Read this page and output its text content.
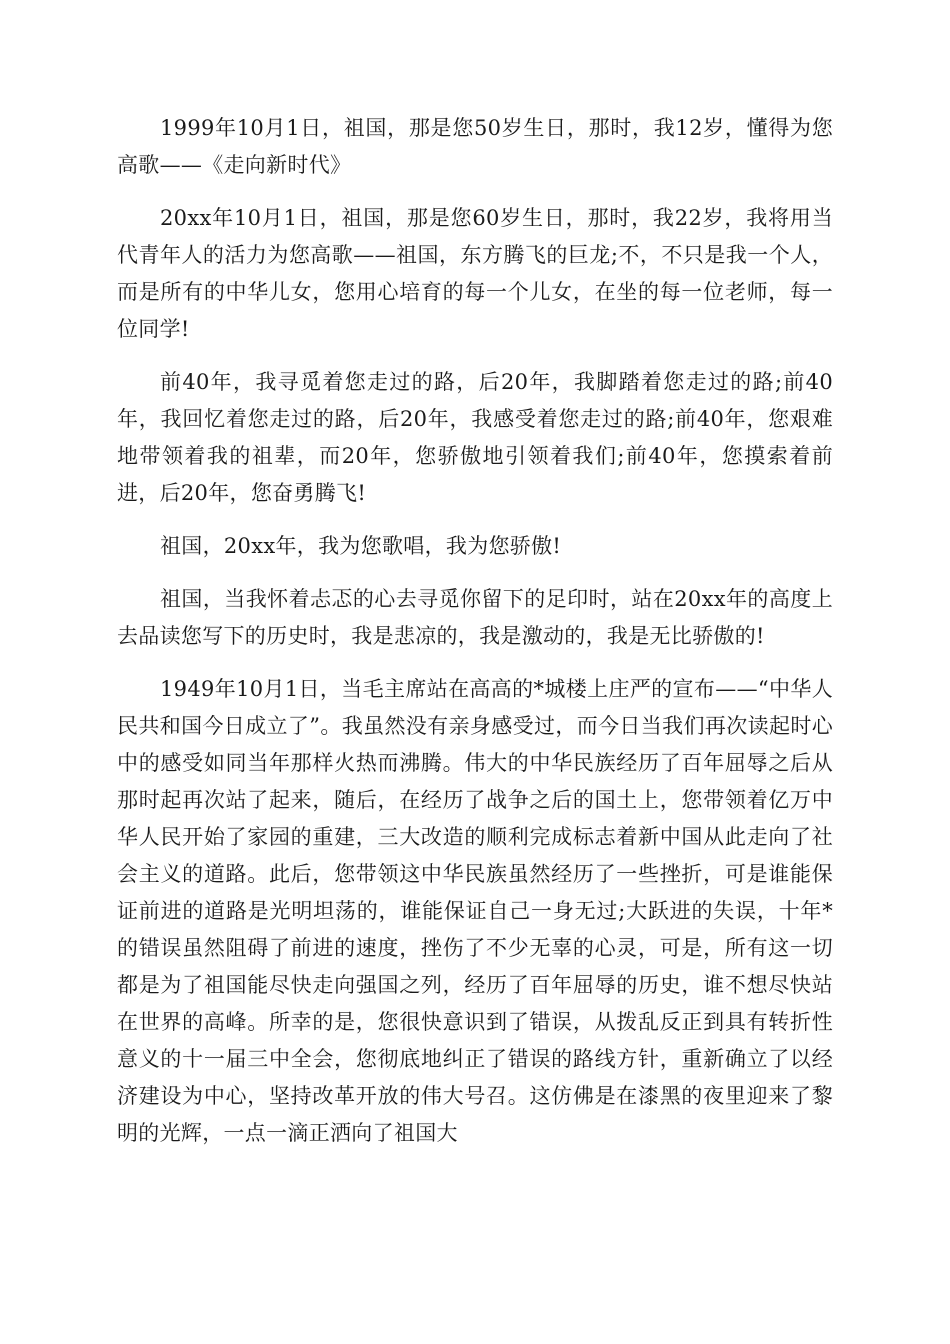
1999年10月1日，祖国，那是您50岁生日，那时，我12岁，懂得为您高歌——《走向新时代》

20xx年10月1日，祖国，那是您60岁生日，那时，我22岁，我将用当代青年人的活力为您高歌——祖国，东方腾飞的巨龙;不，不只是我一个人，而是所有的中华儿女，您用心培育的每一个儿女，在坐的每一位老师，每一位同学!

前40年，我寻觅着您走过的路，后20年，我脚踏着您走过的路;前40年，我回忆着您走过的路，后20年，我感受着您走过的路;前40年，您艰难地带领着我的祖辈，而20年，您骄傲地引领着我们;前40年，您摸索着前进，后20年，您奋勇腾飞!

祖国，20xx年，我为您歌唱，我为您骄傲!

祖国，当我怀着忐忑的心去寻觅你留下的足印时，站在20xx年的高度上去品读您写下的历史时，我是悲凉的，我是激动的，我是无比骄傲的!

1949年10月1日，当毛主席站在高高的*城楼上庄严的宣布——“中华人民共和国今日成立了”。我虽然没有亲身感受过，而今日当我们再次读起时心中的感受如同当年那样火热而沸腾。伟大的中华民族经历了百年屈辱之后从那时起再次站了起来，随后，在经历了战争之后的国土上，您带领着亿万中华人民开始了家园的重建，三大改造的顺利完成标志着新中国从此走向了社会主义的道路。此后，您带领这中华民族虽然经历了一些挫折，可是谁能保证前进的道路是光明坦荡的，谁能保证自己一身无过;大跃进的失误，十年*的错误虽然阻碍了前进的速度，挫伤了不少无辜的心灵，可是，所有这一切都是为了祖国能尽快走向强国之列，经历了百年屈辱的历史，谁不想尽快站在世界的高峰。所幸的是，您很快意识到了错误，从拨乱反正到具有转折性意义的十一届三中全会，您彻底地纠正了错误的路线方针，重新确立了以经济建设为中心，坚持改革开放的伟大号召。这仿佛是在漆黑的夜里迎来了黎明的光辉，一点一滴正洒向了祖国大
